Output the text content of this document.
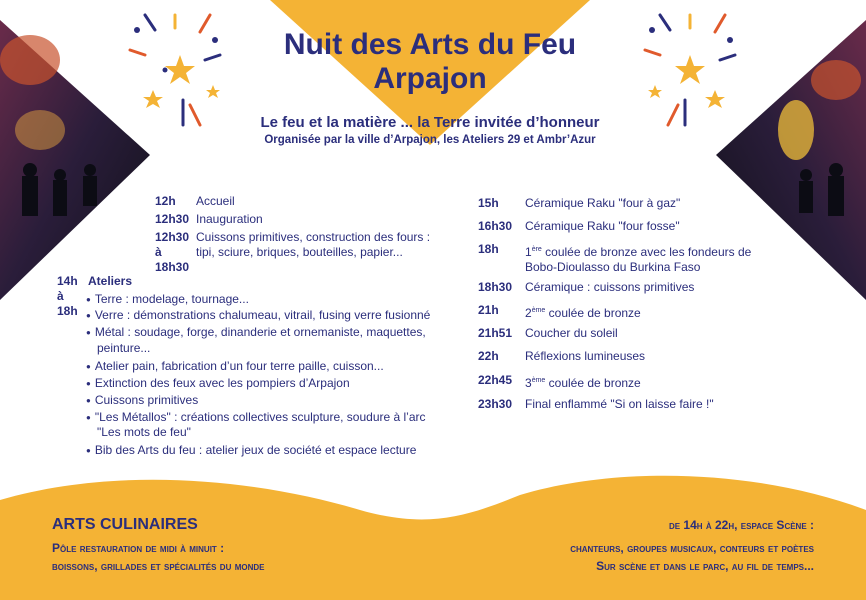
Nuit des Arts du Feu
Arpajon
Le feu et la matière ... la Terre invitée d’honneur
Organisée par la ville d’Arpajon, les Ateliers 29 et Ambr’Azur
12h Accueil
12h30 Inauguration
12h30
à
18h30
Cuissons primitives, construction des fours :
tipi, sciure, briques, bouteilles, papier...
14h
à
18h
Ateliers
● Terre : modelage, tournage...
● Verre : démonstrations chalumeau, vitrail, fusing verre fusionné
● Métal : soudage, forge, dinanderie et ornemaniste, maquettes,
peinture...
● Atelier pain, fabrication d’un four terre paille, cuisson...
● Extinction des feux avec les pompiers d’Arpajon
● Cuissons primitives
● "Les Métallos" : créations collectives sculpture, soudure à l’arc
"Les mots de feu"
● Bib des Arts du feu : atelier jeux de société et espace lecture
15h Céramique Raku "four à gaz"
16h30 Céramique Raku "four fosse"
18h 1ère coulée de bronze avec les fondeurs de
Bobo-Dioulasso du Burkina Faso
18h30 Céramique : cuissons primitives
21h 2ème coulée de bronze
21h51 Coucher du soleil
22h Réflexions lumineuses
22h45 3ème coulée de bronze
23h30 Final enflammé "Si on laisse faire !"
ARTS CULINAIRES
Pôle restauration de midi à minuit :
boissons, grillades et spécialités du monde
de 14h à 22h, espace Scène :
chanteurs, groupes musicaux, conteurs et poètes
Sur scène et dans le parc, au fil de temps...
